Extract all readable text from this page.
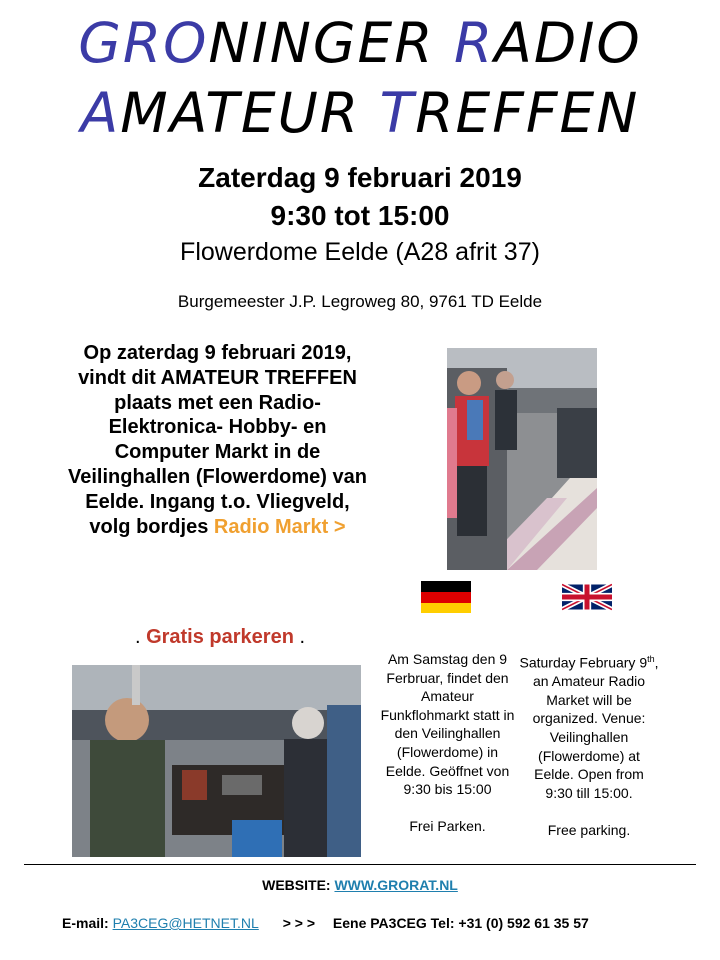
GRONINGER RADIO
AMATEUR TREFFEN
Zaterdag 9 februari 2019
9:30 tot 15:00
Flowerdome Eelde (A28 afrit 37)
Burgemeester J.P. Legroweg 80, 9761 TD Eelde
Op zaterdag 9 februari 2019, vindt dit AMATEUR TREFFEN plaats met een Radio- Elektronica- Hobby- en Computer Markt in de Veilinghallen (Flowerdome) van Eelde. Ingang t.o. Vliegveld, volg bordjes Radio Markt >
. Gratis parkeren .

Am Samstag den 9 Ferbruar, findet den Amateur Funkflohmarkt statt in den Veilinghallen (Flowerdome) in Eelde. Geöffnet von 9:30 bis 15:00

Frei Parken.

Saturday February 9th, an Amateur Radio Market will be organized. Venue: Veilinghallen (Flowerdome) at Eelde. Open from 9:30 till 15:00.

Free parking.

WEBSITE: WWW.GRORAT.NL
E-mail: PA3CEG@HETNET.NL > > > Eene PA3CEG Tel: +31 (0) 592 61 35 57
